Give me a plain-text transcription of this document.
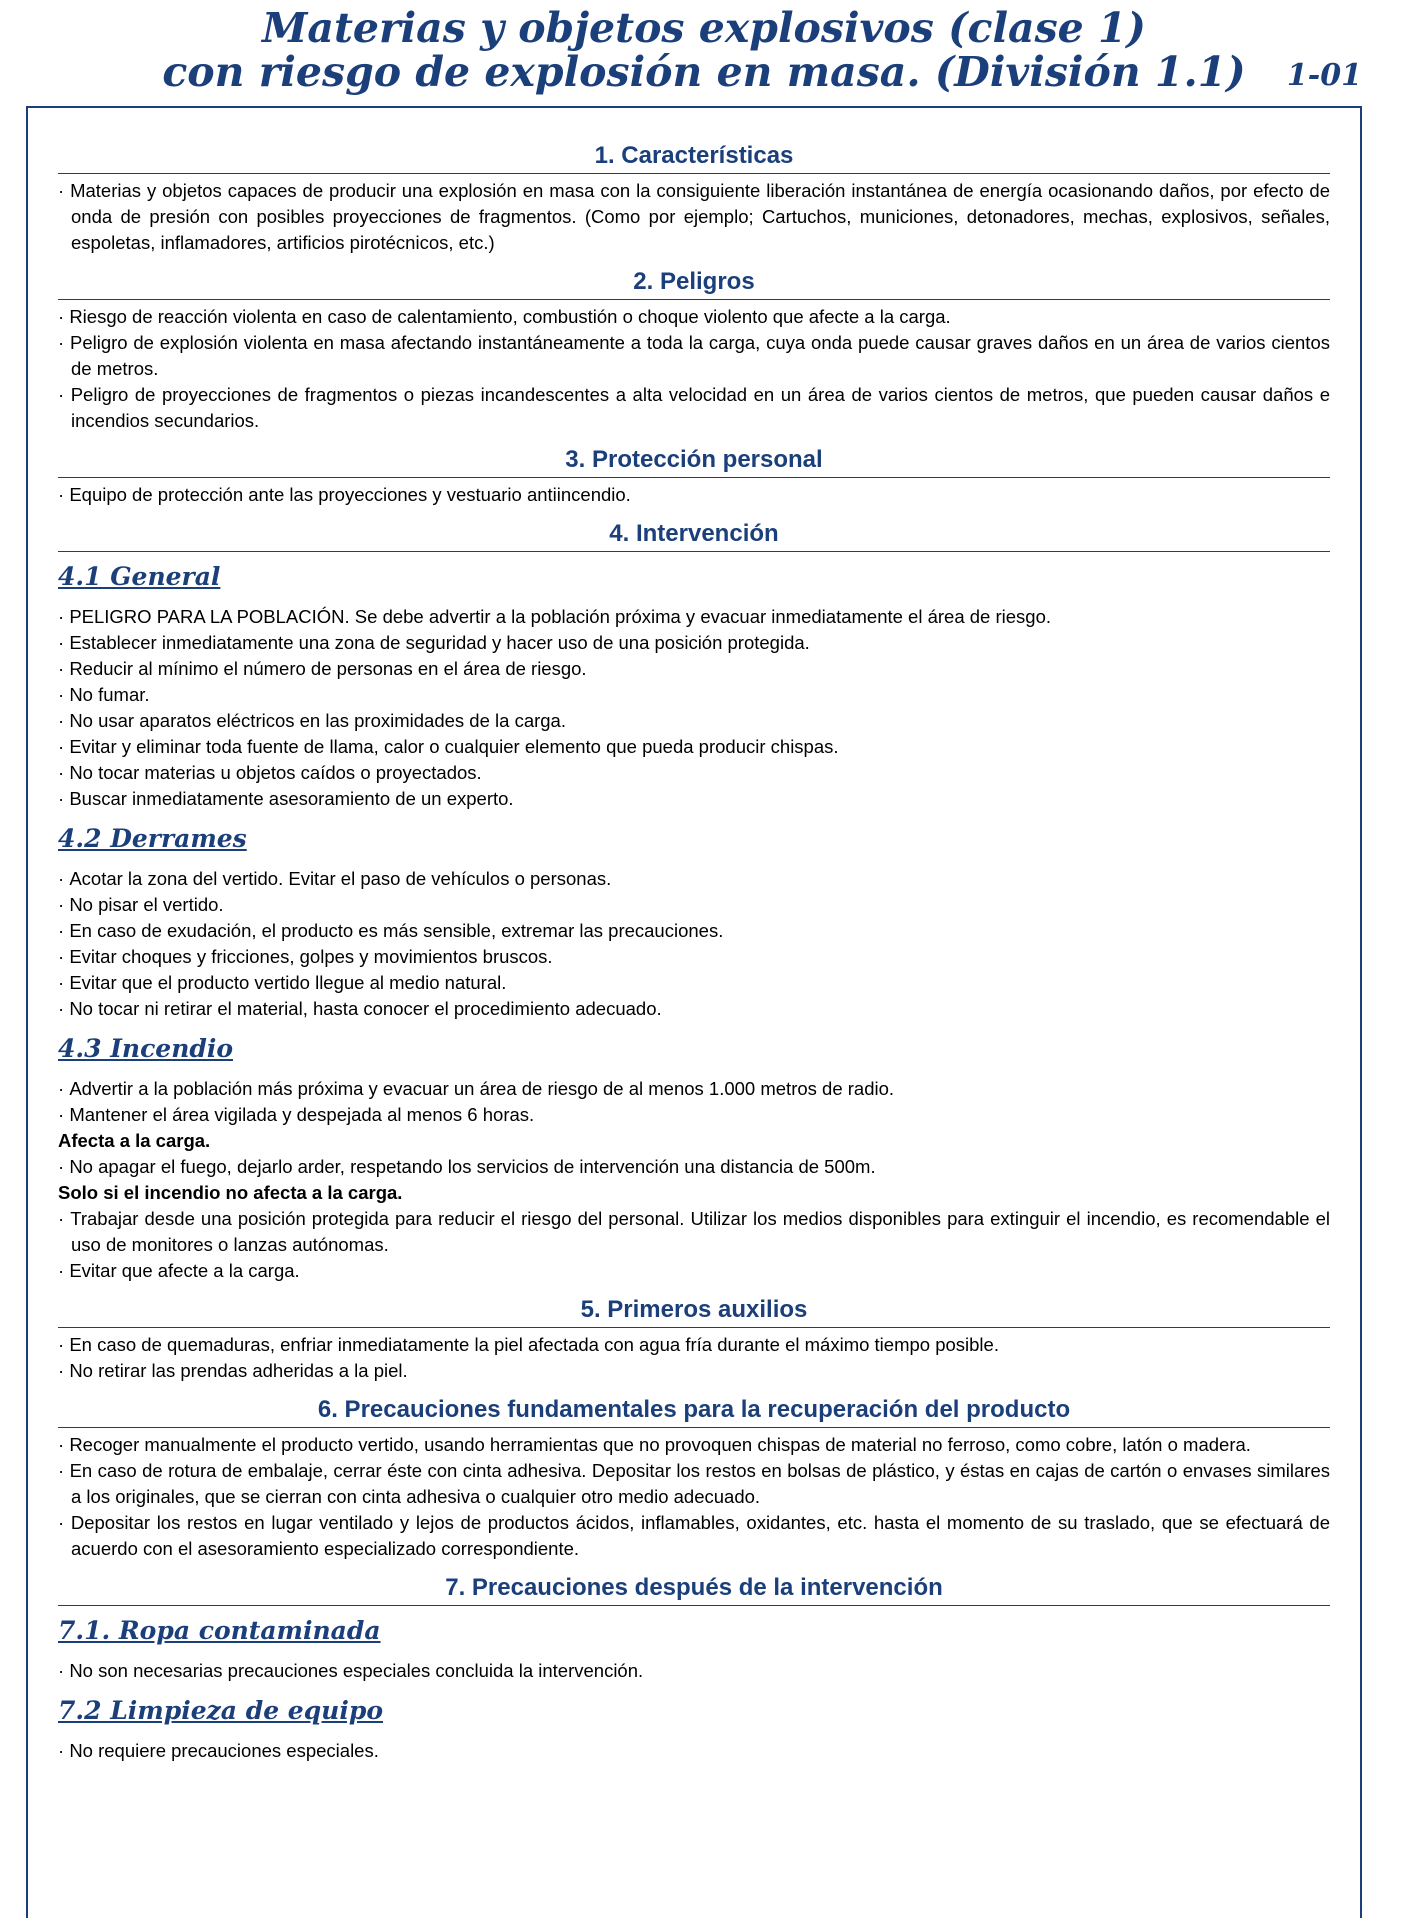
Materias y objetos explosivos (clase 1)
con riesgo de explosión en masa. (División 1.1)	1-01
1. Características
· Materias y objetos capaces de producir una explosión en masa con la consiguiente liberación instantánea de energía ocasionando daños, por efecto de onda de presión con posibles proyecciones de fragmentos. (Como por ejemplo; Cartuchos, municiones, detonadores, mechas, explosivos, señales, espoletas, inflamadores, artificios pirotécnicos, etc.)
2. Peligros
· Riesgo de reacción violenta en caso de calentamiento, combustión o choque violento que afecte a la carga.
· Peligro de explosión violenta en masa afectando instantáneamente a toda la carga, cuya onda puede causar graves daños en un área de varios cientos de metros.
· Peligro de proyecciones de fragmentos o piezas incandescentes a alta velocidad en un área de varios cientos de metros, que pueden causar daños e incendios secundarios.
3. Protección personal
· Equipo de protección ante las proyecciones y vestuario antiincendio.
4. Intervención
4.1 General
· PELIGRO PARA LA POBLACIÓN. Se debe advertir a la población próxima y evacuar inmediatamente el área de riesgo.
· Establecer inmediatamente una zona de seguridad y hacer uso de una posición protegida.
· Reducir al mínimo el número de personas en el área de riesgo.
· No fumar.
· No usar aparatos eléctricos en las proximidades de la carga.
· Evitar y eliminar toda fuente de llama, calor o cualquier elemento que pueda producir chispas.
· No tocar materias u objetos caídos o proyectados.
· Buscar inmediatamente asesoramiento de un experto.
4.2 Derrames
· Acotar la zona del vertido. Evitar el paso de vehículos o personas.
· No pisar el vertido.
· En caso de exudación, el producto es más sensible, extremar las precauciones.
· Evitar choques y fricciones, golpes y movimientos bruscos.
· Evitar que el producto vertido llegue al medio natural.
· No tocar ni retirar el material, hasta conocer el procedimiento adecuado.
4.3 Incendio
· Advertir a la población más próxima y evacuar un área de riesgo de al menos 1.000 metros de radio.
· Mantener el área vigilada y despejada al menos 6 horas.
Afecta a la carga.
· No apagar el fuego, dejarlo arder, respetando los servicios de intervención una distancia de 500m.
Solo si el incendio no afecta a la carga.
· Trabajar desde una posición protegida para reducir el riesgo del personal. Utilizar los medios disponibles para extinguir el incendio, es recomendable el uso de monitores o lanzas autónomas.
· Evitar que afecte a la carga.
5. Primeros auxilios
· En caso de quemaduras, enfriar inmediatamente la piel afectada con agua fría durante el máximo tiempo posible.
· No retirar las prendas adheridas a la piel.
6. Precauciones fundamentales para la recuperación del producto
· Recoger manualmente el producto vertido, usando herramientas que no provoquen chispas de material no ferroso, como cobre, latón o madera.
· En caso de rotura de embalaje, cerrar éste con cinta adhesiva. Depositar los restos en bolsas de plástico, y éstas en cajas de cartón o envases similares a los originales, que se cierran con cinta adhesiva o cualquier otro medio adecuado.
· Depositar los restos en lugar ventilado y lejos de productos ácidos, inflamables, oxidantes, etc. hasta el momento de su traslado, que se efectuará de acuerdo con el asesoramiento especializado correspondiente.
7. Precauciones después de la intervención
7.1. Ropa contaminada
· No son necesarias precauciones especiales concluida la intervención.
7.2 Limpieza de equipo
· No requiere precauciones especiales.
